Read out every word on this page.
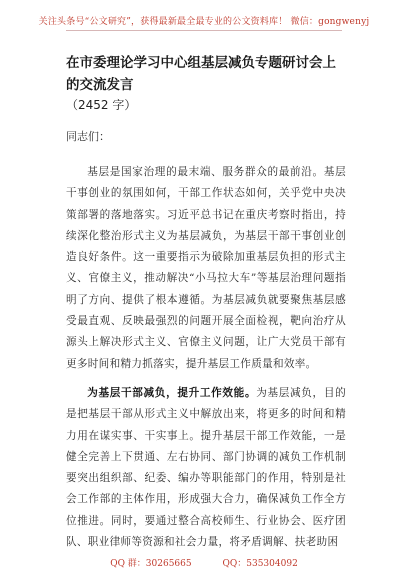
关注头条号“公文研究”，获得最新最全最专业的公文资料库！ 微信：gongwenyj

在市委理论学习中心组基层减负专题研讨会上的交流发言

（2452 字）

同志们：

基层是国家治理的最末端、服务群众的最前沿。基层干事创业的氛围如何，干部工作状态如何，关乎党中央决策部署的落地落实。习近平总书记在重庆考察时指出，持续深化整治形式主义为基层减负，为基层干部干事创业创造良好条件。这一重要指示为破除加重基层负担的形式主义、官僚主义，推动解决“小马拉大车”等基层治理问题指明了方向、提供了根本遵循。为基层减负就要聚焦基层感受最直观、反映最强烈的问题开展全面检视，靶向治疗从源头上解决形式主义、官僚主义问题，让广大党员干部有更多时间和精力抓落实，提升基层工作质量和效率。

为基层干部减负，提升工作效能。为基层减负，目的是把基层干部从形式主义中解放出来，将更多的时间和精力用在谋实事、干实事上。提升基层干部工作效能，一是健全完善上下贯通、左右协同、部门协调的减负工作机制要突出组织部、纪委、编办等职能部门的作用，特别是社会工作部的主体作用，形成强大合力，确保减负工作全方位推进。同时，要通过整合高校师生、行业协会、医疗团队、职业律师等资源和社会力量，将矛盾调解、扶老助困

QQ 群：30265665	QQ：535304092
